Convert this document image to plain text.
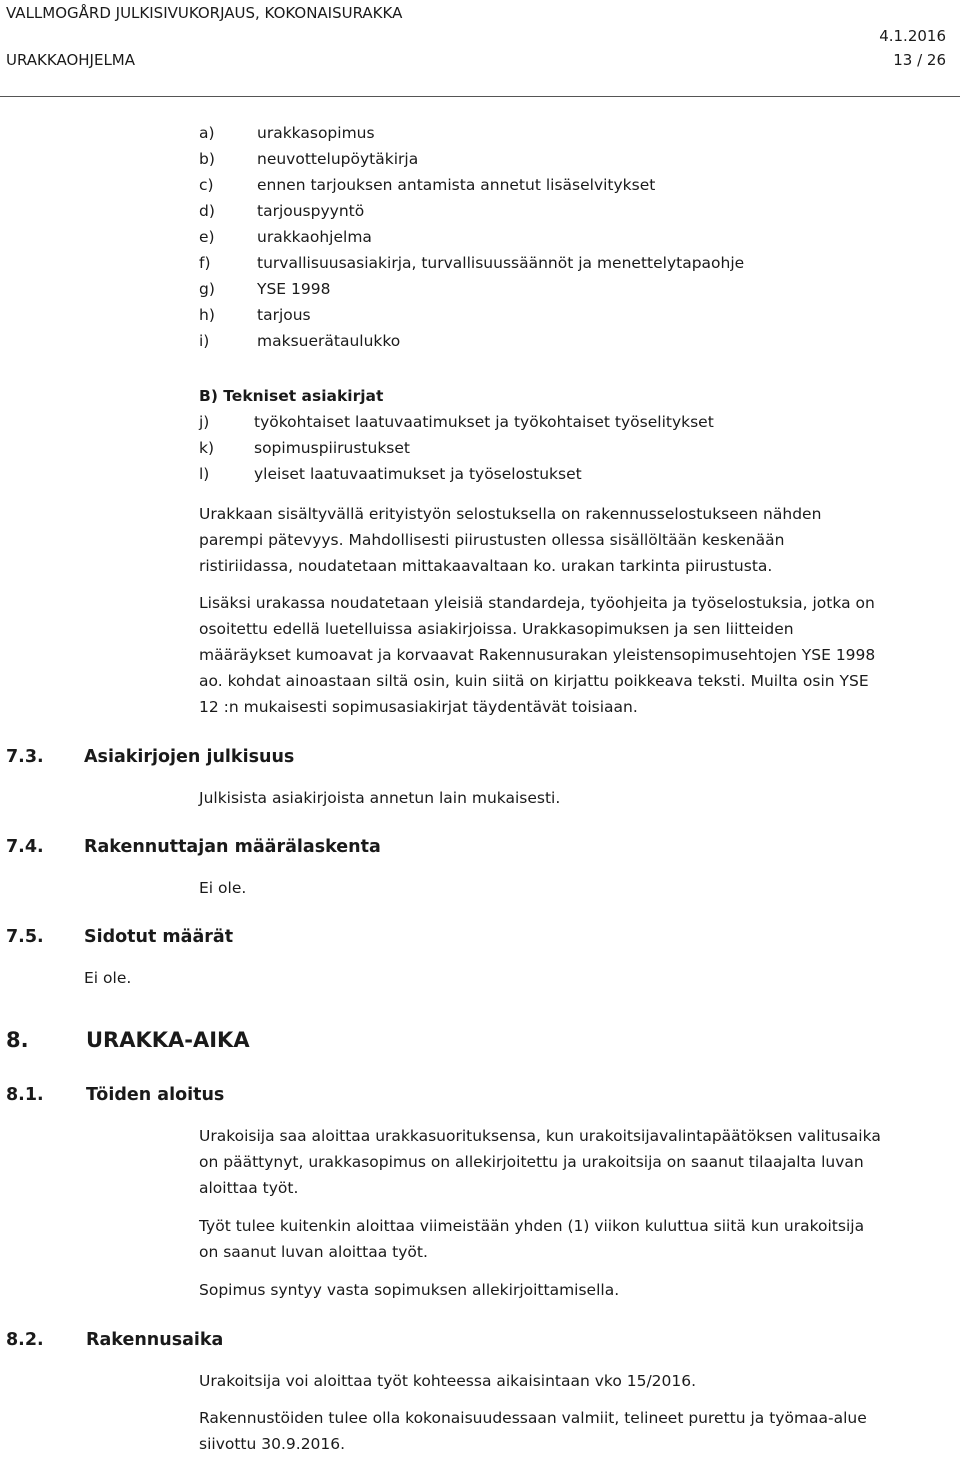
VALLMOGÅRD JULKISIVUKORJAUS, KOKONAISURAKKA
4.1.2016
URAKKAOHJELMA	13 / 26
a)	urakkasopimus
b)	neuvottelupöytäkirja
c)	ennen tarjouksen antamista annetut lisäselvitykset
d)	tarjouspyyntö
e)	urakkaohjelma
f)	turvallisuusasiakirja, turvallisuussäännöt ja menettelytapaohje
g)	YSE 1998
h)	tarjous
i)	maksuerätaulukko
B) Tekniset asiakirjat
j)	työkohtaiset laatuvaatimukset ja työkohtaiset työselitykset
k)	sopimuspiirustukset
l)	yleiset laatuvaatimukset ja työselostukset
Urakkaan sisältyvällä erityistyön selostuksella on rakennusselostukseen nähden
parempi pätevyys. Mahdollisesti piirustusten ollessa sisällöltään keskenään
ristiriidassa, noudatetaan mittakaavaltaan ko. urakan tarkinta piirustusta.
Lisäksi urakassa noudatetaan yleisiä standardeja, työohjeita ja työselostuksia, jotka on
osoitettu edellä luetelluissa asiakirjoissa. Urakkasopimuksen ja sen liitteiden
määräykset kumoavat ja korvaavat Rakennusurakan yleistensopimusehtojen YSE 1998
ao. kohdat ainoastaan siltä osin, kuin siitä on kirjattu poikkeava teksti. Muilta osin YSE
12 :n mukaisesti sopimusasiakirjat täydentävät toisiaan.
7.3. Asiakirjojen julkisuus
Julkisista asiakirjoista annetun lain mukaisesti.
7.4. Rakennuttajan määrälaskenta
Ei ole.
7.5. Sidotut määrät
Ei ole.
8.	URAKKA-AIKA
8.1. Töiden aloitus
Urakoisija saa aloittaa urakkasuorituksensa, kun urakoitsijavalintapäätöksen valitusaika
on päättynyt, urakkasopimus on allekirjoitettu ja urakoitsija on saanut tilaajalta luvan
aloittaa työt.
Työt tulee kuitenkin aloittaa viimeistään yhden (1) viikon kuluttua siitä kun urakoitsija
on saanut luvan aloittaa työt.
Sopimus syntyy vasta sopimuksen allekirjoittamisella.
8.2. Rakennusaika
Urakoitsija voi aloittaa työt kohteessa aikaisintaan vko 15/2016.
Rakennustöiden tulee olla kokonaisuudessaan valmiit, telineet purettu ja työmaa-alue
siivottu 30.9.2016.
